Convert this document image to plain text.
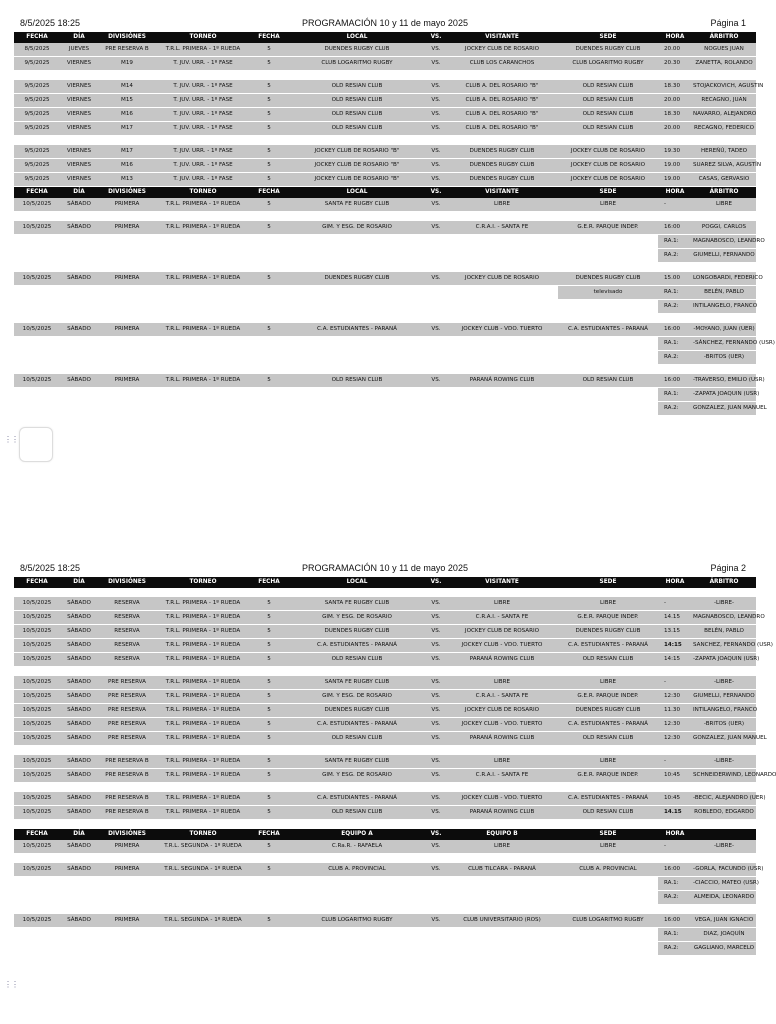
8/5/2025 18:25	PROGRAMACIÓN 10 y 11 de mayo 2025	Página 1
FECHA	DÍA	DIVISIÓNES	TORNEO	FECHA	LOCAL	VS.	VISITANTE	SEDE	HORA	ÁRBITRO
8/5/2025	JUEVES	PRE RESERVA B	T.R.L. PRIMERA - 1º RUEDA	5	DUENDES RUGBY CLUB	VS.	JOCKEY CLUB DE ROSARIO	DUENDES RUGBY CLUB	20.00	NOGUES JUAN
9/5/2025	VIERNES	M19	T. JUV. URR. - 1º FASE	5	CLUB LOGARITMO RUGBY	VS.	CLUB LOS CARANCHOS	CLUB LOGARITMO RUGBY	20.30	ZANETTA, ROLANDO

9/5/2025	VIERNES	M14	T. JUV. URR. - 1º FASE	5	OLD RESIAN CLUB	VS.	CLUB A. DEL ROSARIO "B"	OLD RESIAN CLUB	18.30	STOJACKOVICH, AGUSTIN
9/5/2025	VIERNES	M15	T. JUV. URR. - 1º FASE	5	OLD RESIAN CLUB	VS.	CLUB A. DEL ROSARIO "B"	OLD RESIAN CLUB	20.00	RECAGNO, JUAN
9/5/2025	VIERNES	M16	T. JUV. URR. - 1º FASE	5	OLD RESIAN CLUB	VS.	CLUB A. DEL ROSARIO "B"	OLD RESIAN CLUB	18.30	NAVARRO, ALEJANDRO
9/5/2025	VIERNES	M17	T. JUV. URR. - 1º FASE	5	OLD RESIAN CLUB	VS.	CLUB A. DEL ROSARIO "B"	OLD RESIAN CLUB	20.00	RECAGNO, FEDERICO

9/5/2025	VIERNES	M17	T. JUV. URR. - 1º FASE	5	JOCKEY CLUB DE ROSARIO "B"	VS.	DUENDES RUGBY CLUB	JOCKEY CLUB DE ROSARIO	19.30	HEREÑÚ, TADEO
9/5/2025	VIERNES	M16	T. JUV. URR. - 1º FASE	5	JOCKEY CLUB DE ROSARIO "B"	VS.	DUENDES RUGBY CLUB	JOCKEY CLUB DE ROSARIO	19.00	SUAREZ SILVA, AGUSTÍN
9/5/2025	VIERNES	M13	T. JUV. URR. - 1º FASE	5	JOCKEY CLUB DE ROSARIO "B"	VS.	DUENDES RUGBY CLUB	JOCKEY CLUB DE ROSARIO	19.00	CASAS, GERVASIO
FECHA	DÍA	DIVISIÓNES	TORNEO	FECHA	LOCAL	VS.	VISITANTE	SEDE	HORA	ÁRBITRO
10/5/2025	SÁBADO	PRIMERA	T.R.L. PRIMERA - 1º RUEDA	5	SANTA FE RUGBY CLUB	VS.	LIBRE	LIBRE	-	LIBRE

10/5/2025	SÁBADO	PRIMERA	T.R.L. PRIMERA - 1º RUEDA	5	GIM. Y ESG. DE ROSARIO	VS.	C.R.A.I. - SANTA FE	G.E.R. PARQUE INDEP.	16:00	POGGI, CARLOS
									RA.1:	MAGNABOSCO, LEANDRO
									RA.2:	GIUMELLI, FERNANDO

10/5/2025	SÁBADO	PRIMERA	T.R.L. PRIMERA - 1º RUEDA	5	DUENDES RUGBY CLUB	VS.	JOCKEY CLUB DE ROSARIO	DUENDES RUGBY CLUB	15.00	LONGOBARDI, FEDERICO
								televisado	RA.1:	BELÉN, PABLO
									RA.2:	INTILANGELO, FRANCO

10/5/2025	SÁBADO	PRIMERA	T.R.L. PRIMERA - 1º RUEDA	5	C.A. ESTUDIANTES - PARANÁ	VS.	JOCKEY CLUB - VDO. TUERTO	C.A. ESTUDIANTES - PARANÁ	16:00	-MOYANO, JUAN (UER)
									RA.1:	-SÁNCHEZ, FERNANDO (USR)
									RA.2:	-BRITOS (UER)

10/5/2025	SÁBADO	PRIMERA	T.R.L. PRIMERA - 1º RUEDA	5	OLD RESIAN CLUB	VS.	PARANÁ ROWING CLUB	OLD RESIAN CLUB	16:00	-TRAVERSO, EMILIO (USR)
									RA.1:	-ZAPATA JOAQUIN (USR)
									RA.2:	GONZALEZ, JUAN MANUEL
⋮⋮
8/5/2025 18:25	PROGRAMACIÓN 10 y 11 de mayo 2025	Página 2
FECHA	DÍA	DIVISIÓNES	TORNEO	FECHA	LOCAL	VS.	VISITANTE	SEDE	HORA	ÁRBITRO

10/5/2025	SÁBADO	RESERVA	T.R.L. PRIMERA - 1º RUEDA	5	SANTA FE RUGBY CLUB	VS.	LIBRE	LIBRE	-	-LIBRE-
10/5/2025	SÁBADO	RESERVA	T.R.L. PRIMERA - 1º RUEDA	5	GIM. Y ESG. DE ROSARIO	VS.	C.R.A.I. - SANTA FE	G.E.R. PARQUE INDEP.	14.15	MAGNABOSCO, LEANDRO
10/5/2025	SÁBADO	RESERVA	T.R.L. PRIMERA - 1º RUEDA	5	DUENDES RUGBY CLUB	VS.	JOCKEY CLUB DE ROSARIO	DUENDES RUGBY CLUB	13.15	BELÉN, PABLO
10/5/2025	SÁBADO	RESERVA	T.R.L. PRIMERA - 1º RUEDA	5	C.A. ESTUDIANTES - PARANÁ	VS.	JOCKEY CLUB - VDO. TUERTO	C.A. ESTUDIANTES - PARANÁ	14:15	SANCHEZ, FERNANDO (USR)
10/5/2025	SÁBADO	RESERVA	T.R.L. PRIMERA - 1º RUEDA	5	OLD RESIAN CLUB	VS.	PARANÁ ROWING CLUB	OLD RESIAN CLUB	14:15	-ZAPATA JOAQUIN (USR)

10/5/2025	SÁBADO	PRE RESERVA	T.R.L. PRIMERA - 1º RUEDA	5	SANTA FE RUGBY CLUB	VS.	LIBRE	LIBRE	-	-LIBRE-
10/5/2025	SÁBADO	PRE RESERVA	T.R.L. PRIMERA - 1º RUEDA	5	GIM. Y ESG. DE ROSARIO	VS.	C.R.A.I. - SANTA FE	G.E.R. PARQUE INDEP.	12:30	GIUMELLI, FERNANDO
10/5/2025	SÁBADO	PRE RESERVA	T.R.L. PRIMERA - 1º RUEDA	5	DUENDES RUGBY CLUB	VS.	JOCKEY CLUB DE ROSARIO	DUENDES RUGBY CLUB	11.30	INTILANGELO, FRANCO
10/5/2025	SÁBADO	PRE RESERVA	T.R.L. PRIMERA - 1º RUEDA	5	C.A. ESTUDIANTES - PARANÁ	VS.	JOCKEY CLUB - VDO. TUERTO	C.A. ESTUDIANTES - PARANÁ	12:30	-BRITOS (UER)
10/5/2025	SÁBADO	PRE RESERVA	T.R.L. PRIMERA - 1º RUEDA	5	OLD RESIAN CLUB	VS.	PARANÁ ROWING CLUB	OLD RESIAN CLUB	12:30	GONZALEZ, JUAN MANUEL

10/5/2025	SÁBADO	PRE RESERVA B	T.R.L. PRIMERA - 1º RUEDA	5	SANTA FE RUGBY CLUB	VS.	LIBRE	LIBRE	-	-LIBRE-
10/5/2025	SÁBADO	PRE RESERVA B	T.R.L. PRIMERA - 1º RUEDA	5	GIM. Y ESG. DE ROSARIO	VS.	C.R.A.I. - SANTA FE	G.E.R. PARQUE INDEP.	10:45	SCHNEIDERWIND, LEONARDO

10/5/2025	SÁBADO	PRE RESERVA B	T.R.L. PRIMERA - 1º RUEDA	5	C.A. ESTUDIANTES - PARANÁ	VS.	JOCKEY CLUB - VDO. TUERTO	C.A. ESTUDIANTES - PARANÁ	10:45	-BECIC, ALEJANDRO (UER)
10/5/2025	SÁBADO	PRE RESERVA B	T.R.L. PRIMERA - 1º RUEDA	5	OLD RESIAN CLUB	VS.	PARANÁ ROWING CLUB	OLD RESIAN CLUB	14.15	ROBLEDO, EDGARDO

FECHA	DÍA	DIVISIÓNES	TORNEO	FECHA	EQUIPO A	VS.	EQUIPO B	SEDE	HORA	
10/5/2025	SÁBADO	PRIMERA	T.R.L. SEGUNDA - 1º RUEDA	5	C.Ra.R. - RAFAELA	VS.	LIBRE	LIBRE	-	-LIBRE-

10/5/2025	SÁBADO	PRIMERA	T.R.L. SEGUNDA - 1º RUEDA	5	CLUB A. PROVINCIAL	VS.	CLUB TILCARA - PARANÁ	CLUB A. PROVINCIAL	16:00	-GORLA, FACUNDO (USR)
									RA.1:	-CIACCIO, MATEO (USR)
									RA.2:	ALMEIDA, LEONARDO

10/5/2025	SÁBADO	PRIMERA	T.R.L. SEGUNDA - 1º RUEDA	5	CLUB LOGARITMO RUGBY	VS.	CLUB UNIVERSITARIO (ROS)	CLUB LOGARITMO RUGBY	16:00	VEGA, JUAN IGNACIO
									RA.1:	DIAZ, JOAQUÍN
									RA.2:	GAGLIANO, MARCELO
⋮⋮
